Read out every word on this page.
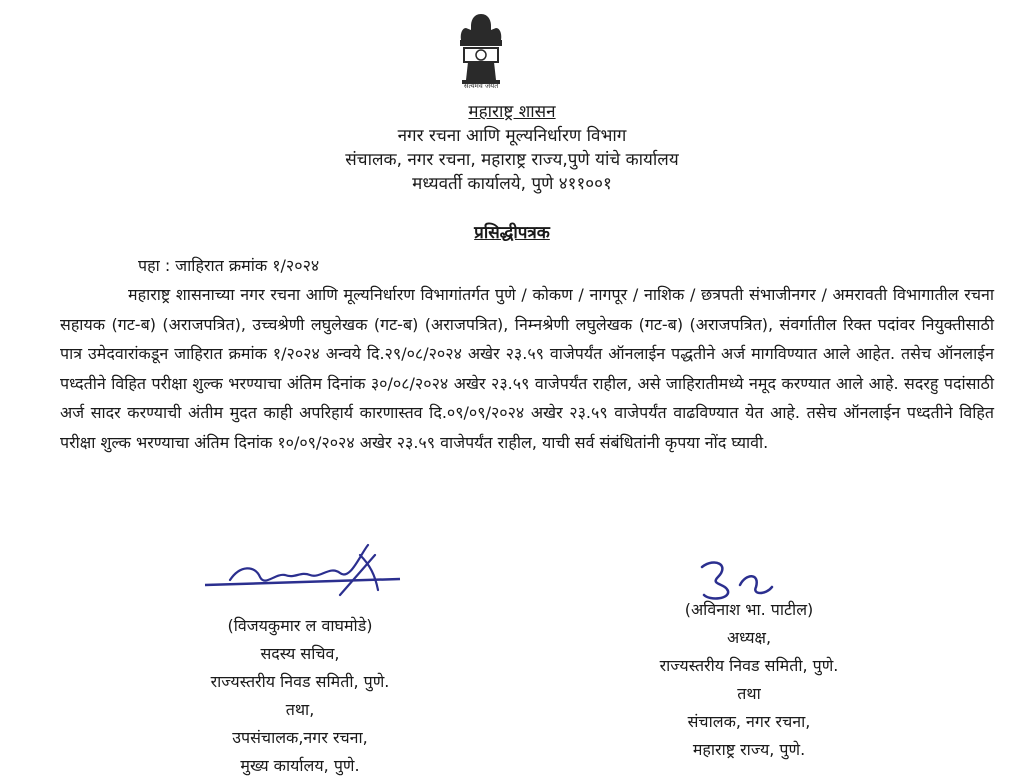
सत्यमेव जयते
महाराष्ट्र शासन
नगर रचना आणि मूल्यनिर्धारण विभाग
संचालक, नगर रचना, महाराष्ट्र राज्य,पुणे यांचे कार्यालय
मध्यवर्ती कार्यालये, पुणे ४११००१
प्रसिद्धीपत्रक
पहा : जाहिरात क्रमांक १/२०२४
महाराष्ट्र शासनाच्या नगर रचना आणि मूल्यनिर्धारण विभागांतर्गत पुणे / कोकण / नागपूर / नाशिक / छत्रपती संभाजीनगर / अमरावती विभागातील रचना सहायक (गट-ब) (अराजपत्रित), उच्चश्रेणी लघुलेखक (गट-ब) (अराजपत्रित), निम्नश्रेणी लघुलेखक (गट-ब) (अराजपत्रित), संवर्गातील रिक्त पदांवर नियुक्तीसाठी पात्र उमेदवारांकडून जाहिरात क्रमांक १/२०२४ अन्वये दि.२९/०८/२०२४ अखेर २३.५९ वाजेपर्यंत ऑनलाईन पद्धतीने अर्ज मागविण्यात आले आहेत. तसेच ऑनलाईन पध्दतीने विहित परीक्षा शुल्क भरण्याचा अंतिम दिनांक ३०/०८/२०२४ अखेर २३.५९ वाजेपर्यंत राहील, असे जाहिरातीमध्ये नमूद करण्यात आले आहे. सदरहु पदांसाठी अर्ज सादर करण्याची अंतीम मुदत काही अपरिहार्य कारणास्तव दि.०९/०९/२०२४ अखेर २३.५९ वाजेपर्यंत वाढविण्यात येत आहे. तसेच ऑनलाईन पध्दतीने विहित परीक्षा शुल्क भरण्याचा अंतिम दिनांक १०/०९/२०२४ अखेर २३.५९ वाजेपर्यंत राहील, याची सर्व संबंधितांनी कृपया नोंद घ्यावी.
(विजयकुमार ल वाघमोडे)
सदस्य सचिव,
राज्यस्तरीय निवड समिती, पुणे.
तथा,
उपसंचालक,नगर रचना,
मुख्य कार्यालय, पुणे.
(अविनाश भा. पाटील)
अध्यक्ष,
राज्यस्तरीय निवड समिती, पुणे.
तथा
संचालक, नगर रचना,
महाराष्ट्र राज्य, पुणे.
